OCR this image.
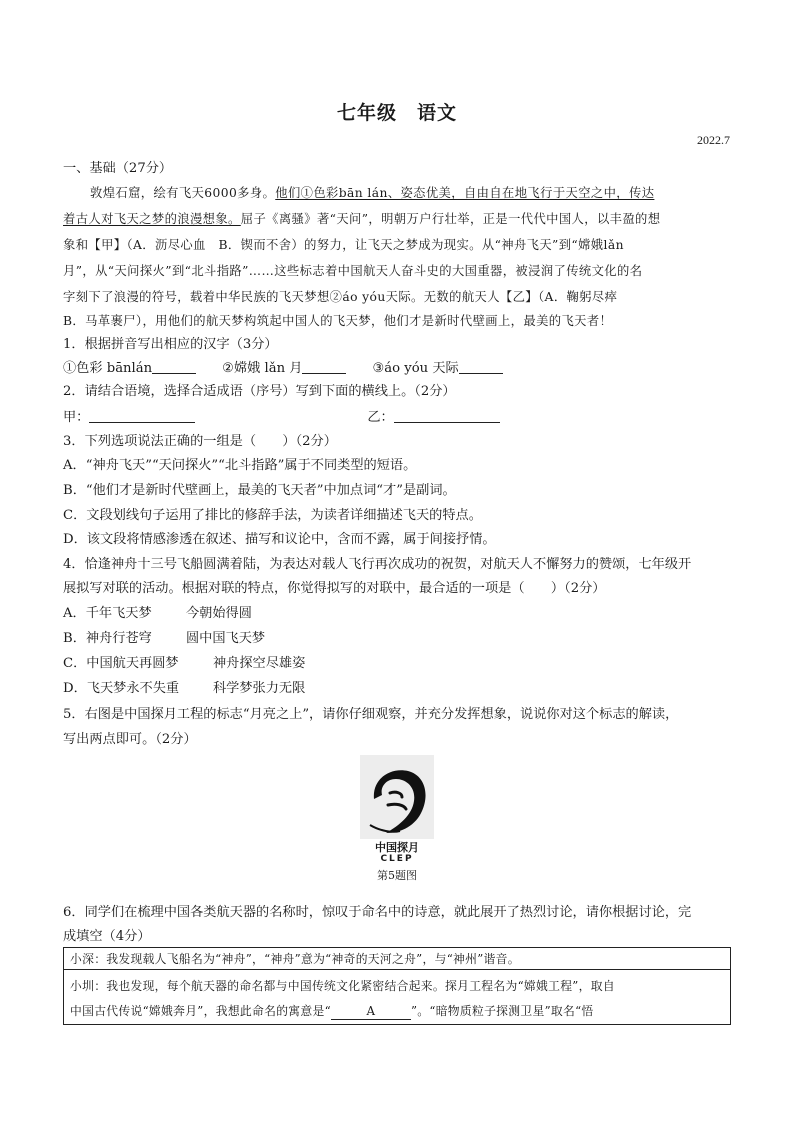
七年级　语文
2022.7
一、基础（27分）
敦煌石窟，绘有飞天6000多身。他们①色彩bān lán、姿态优美，自由自在地飞行于天空之中，传达
着古人对飞天之梦的浪漫想象。屈子《离骚》著“天问”，明朝万户行壮举，正是一代代中国人，以丰盈的想
象和【甲】（A．沥尽心血　B．锲而不舍）的努力，让飞天之梦成为现实。从“神舟飞天”到“嫦娥lǎn
月”，从“天问探火”到“北斗指路”……这些标志着中国航天人奋斗史的大国重器，被浸润了传统文化的名
字刻下了浪漫的符号，载着中华民族的飞天梦想②áo yóu天际。无数的航天人【乙】（A．鞠躬尽瘁
B．马革裹尸），用他们的航天梦构筑起中国人的飞天梦，他们才是新时代壁画上，最美的飞天者！
1．根据拼音写出相应的汉字（3分）
①色彩 bānlán	②嫦娥 lǎn 月	③áo yóu 天际
2．请结合语境，选择合适成语（序号）写到下面的横线上。（2分）
甲：	乙：
3．下列选项说法正确的一组是（　　）（2分）
A．“神舟飞天”“天问探火”“北斗指路”属于不同类型的短语。
B．“他们才是新时代壁画上，最美的飞天者”中加点词“才”是副词。
C．文段划线句子运用了排比的修辞手法，为读者详细描述飞天的特点。
D．该文段将情感渗透在叙述、描写和议论中，含而不露，属于间接抒情。
4．恰逢神舟十三号飞船圆满着陆，为表达对载人飞行再次成功的祝贺，对航天人不懈努力的赞颂，七年级开
展拟写对联的活动。根据对联的特点，你觉得拟写的对联中，最合适的一项是（　　）（2分）
A．千年飞天梦	今朝始得圆
B．神舟行苍穹	圆中国飞天梦
C．中国航天再圆梦	神舟探空尽雄姿
D．飞天梦永不失重	科学梦张力无限
5．右图是中国探月工程的标志“月亮之上”，请你仔细观察，并充分发挥想象，说说你对这个标志的解读，
写出两点即可。（2分）
中国探月
CLEP
第5题图
6．同学们在梳理中国各类航天器的名称时，惊叹于命名中的诗意，就此展开了热烈讨论，请你根据讨论，完
成填空（4分）
小深：我发现载人飞船名为“神舟”，“神舟”意为“神奇的天河之舟”，与“神州”谐音。
小圳：我也发现，每个航天器的命名都与中国传统文化紧密结合起来。探月工程名为“嫦娥工程”，取自
中国古代传说“嫦娥奔月”，我想此命名的寓意是“	A	”。“暗物质粒子探测卫星”取名“悟
